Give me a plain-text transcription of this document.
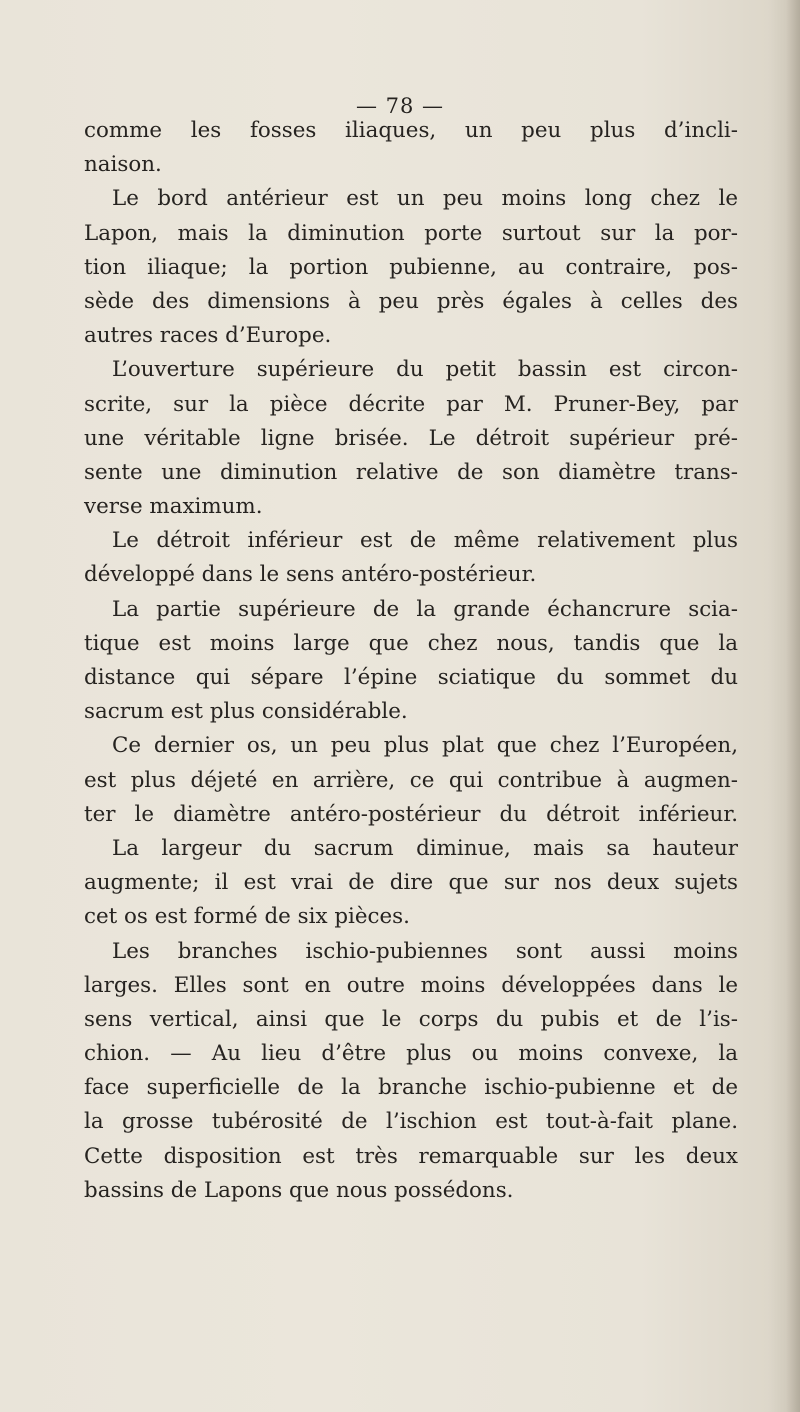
— 78 —
comme les fosses iliaques, un peu plus d’incli-
naison.
Le bord antérieur est un peu moins long chez le
Lapon, mais la diminution porte surtout sur la por-
tion iliaque; la portion pubienne, au contraire, pos-
sède des dimensions à peu près égales à celles des
autres races d’Europe.
L’ouverture supérieure du petit bassin est circon-
scrite, sur la pièce décrite par M. Pruner-Bey, par
une véritable ligne brisée. Le détroit supérieur pré-
sente une diminution relative de son diamètre trans-
verse maximum.
Le détroit inférieur est de même relativement plus
développé dans le sens antéro-postérieur.
La partie supérieure de la grande échancrure scia-
tique est moins large que chez nous, tandis que la
distance qui sépare l’épine sciatique du sommet du
sacrum est plus considérable.
Ce dernier os, un peu plus plat que chez l’Européen,
est plus déjeté en arrière, ce qui contribue à augmen-
ter le diamètre antéro-postérieur du détroit inférieur.
La largeur du sacrum diminue, mais sa hauteur
augmente; il est vrai de dire que sur nos deux sujets
cet os est formé de six pièces.
Les branches ischio-pubiennes sont aussi moins
larges. Elles sont en outre moins développées dans le
sens vertical, ainsi que le corps du pubis et de l’is-
chion. — Au lieu d’être plus ou moins convexe, la
face superficielle de la branche ischio-pubienne et de
la grosse tubérosité de l’ischion est tout-à-fait plane.
Cette disposition est très remarquable sur les deux
bassins de Lapons que nous possédons.
